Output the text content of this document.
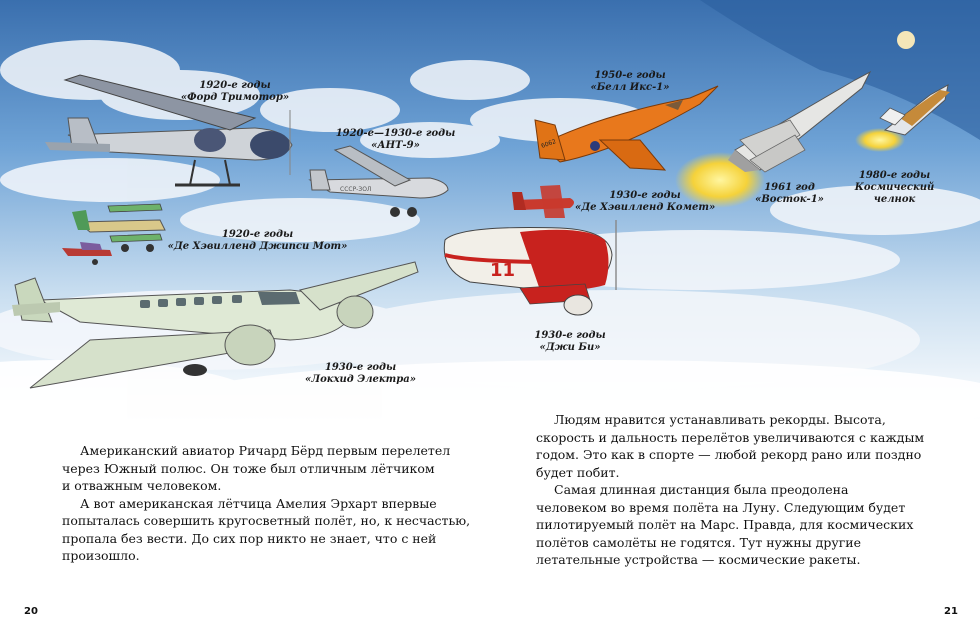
СССР-ЗОЛ
11
6062
1920-е годы
«Форд Тримотор»
1920-е—1930-е годы
«АНТ-9»
1920-е годы
«Де Хэвилленд Джипси Мот»
1930-е годы
«Локхид Электра»
1950-е годы
«Белл Икс-1»
1930-е годы
«Де Хэвилленд Комет»
1930-е годы
«Джи Би»
1961 год
«Восток-1»
1980-е годы
Космический
челнок

Американский авиатор Ричард Бёрд первым перелетел
через Южный полюс. Он тоже был отличным лётчиком
и отважным человеком.

А вот американская лётчица Амелия Эрхарт впервые
попыталась совершить кругосветный полёт, но, к несчастью,
пропала без вести. До сих пор никто не знает, что с ней
произошло.

Людям нравится устанавливать рекорды. Высота,
скорость и дальность перелётов увеличиваются с каждым
годом. Это как в спорте — любой рекорд рано или поздно
будет побит.

Самая длинная дистанция была преодолена
человеком во время полёта на Луну. Следующим будет
пилотируемый полёт на Марс. Правда, для космических
полётов самолёты не годятся. Тут нужны другие
летательные устройства — космические ракеты.

20	21
